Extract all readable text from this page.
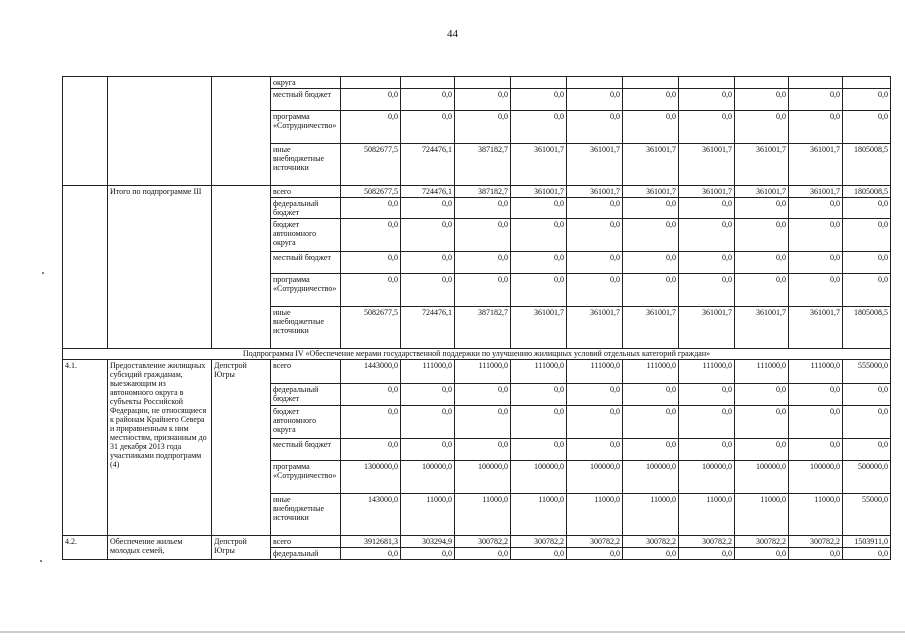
44
			округа										
			местный бюджет	0,0	0,0	0,0	0,0	0,0	0,0	0,0	0,0	0,0	0,0
			программа «Сотрудничество»	0,0	0,0	0,0	0,0	0,0	0,0	0,0	0,0	0,0	0,0
			иные внебюджетные источники	5082677,5	724476,1	387182,7	361001,7	361001,7	361001,7	361001,7	361001,7	361001,7	1805008,5
	Итого по подпрограмме III		всего	5082677,5	724476,1	387182,7	361001,7	361001,7	361001,7	361001,7	361001,7	361001,7	1805008,5
			федеральный бюджет	0,0	0,0	0,0	0,0	0,0	0,0	0,0	0,0	0,0	0,0
			бюджет автономного округа	0,0	0,0	0,0	0,0	0,0	0,0	0,0	0,0	0,0	0,0
			местный бюджет	0,0	0,0	0,0	0,0	0,0	0,0	0,0	0,0	0,0	0,0
			программа «Сотрудничество»	0,0	0,0	0,0	0,0	0,0	0,0	0,0	0,0	0,0	0,0
			иные внебюджетные источники	5082677,5	724476,1	387182,7	361001,7	361001,7	361001,7	361001,7	361001,7	361001,7	1805008,5
Подпрограмма IV «Обеспечение мерами государственной поддержки по улучшению жилищных условий отдельных категорий граждан»													
4.1.	Предоставление жилищных субсидий гражданам, выезжающим из автономного округа в субъекты Российской Федерации, не относящиеся к районам Крайнего Севера и приравненным к ним местностям, признанным до 31 декабря 2013 года участниками подпрограмм (4)	Депстрой Югры	всего	1443000,0	111000,0	111000,0	111000,0	111000,0	111000,0	111000,0	111000,0	111000,0	555000,0
			федеральный бюджет	0,0	0,0	0,0	0,0	0,0	0,0	0,0	0,0	0,0	0,0
			бюджет автономного округа	0,0	0,0	0,0	0,0	0,0	0,0	0,0	0,0	0,0	0,0
			местный бюджет	0,0	0,0	0,0	0,0	0,0	0,0	0,0	0,0	0,0	0,0
			программа «Сотрудничество»	1300000,0	100000,0	100000,0	100000,0	100000,0	100000,0	100000,0	100000,0	100000,0	500000,0
			иные внебюджетные источники	143000,0	11000,0	11000,0	11000,0	11000,0	11000,0	11000,0	11000,0	11000,0	55000,0
4.2.	Обеспечение жильем молодых семей,	Депстрой Югры	всего	3912681,3	303294,9	300782,2	300782,2	300782,2	300782,2	300782,2	300782,2	300782,2	1503911,0
			федеральный	0,0	0,0	0,0	0,0	0,0	0,0	0,0	0,0	0,0	0,0
